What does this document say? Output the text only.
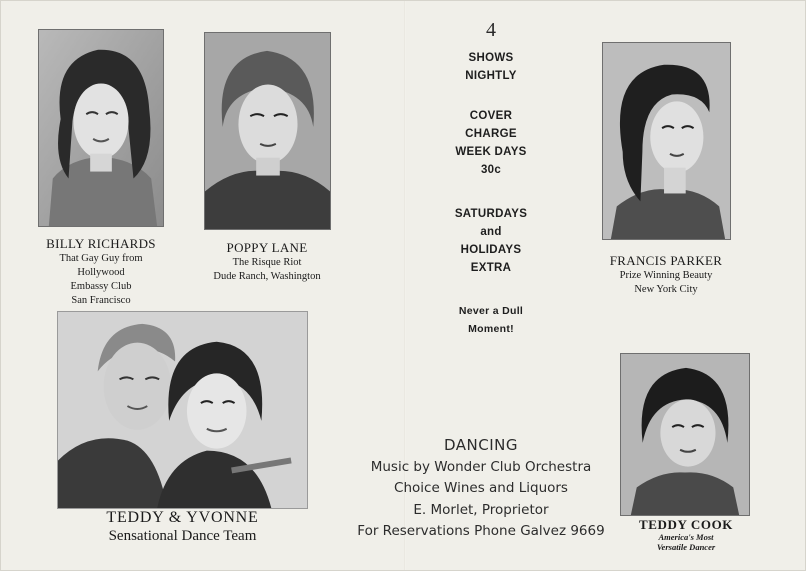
BILLY RICHARDS
That Gay Guy from
Hollywood
Embassy Club
San Francisco
POPPY LANE
The Risque Riot
Dude Ranch, Washington
4
SHOWS
NIGHTLY
COVER
CHARGE
WEEK DAYS
30c
SATURDAYS
and
HOLIDAYS
EXTRA
Never a Dull
Moment!
FRANCIS PARKER
Prize Winning Beauty
New York City
TEDDY & YVONNE
Sensational Dance Team
DANCING
Music by Wonder Club Orchestra
Choice Wines and Liquors
E. Morlet, Proprietor
For Reservations Phone Galvez 9669	TEDDY COOK
America's Most
Versatile Dancer
